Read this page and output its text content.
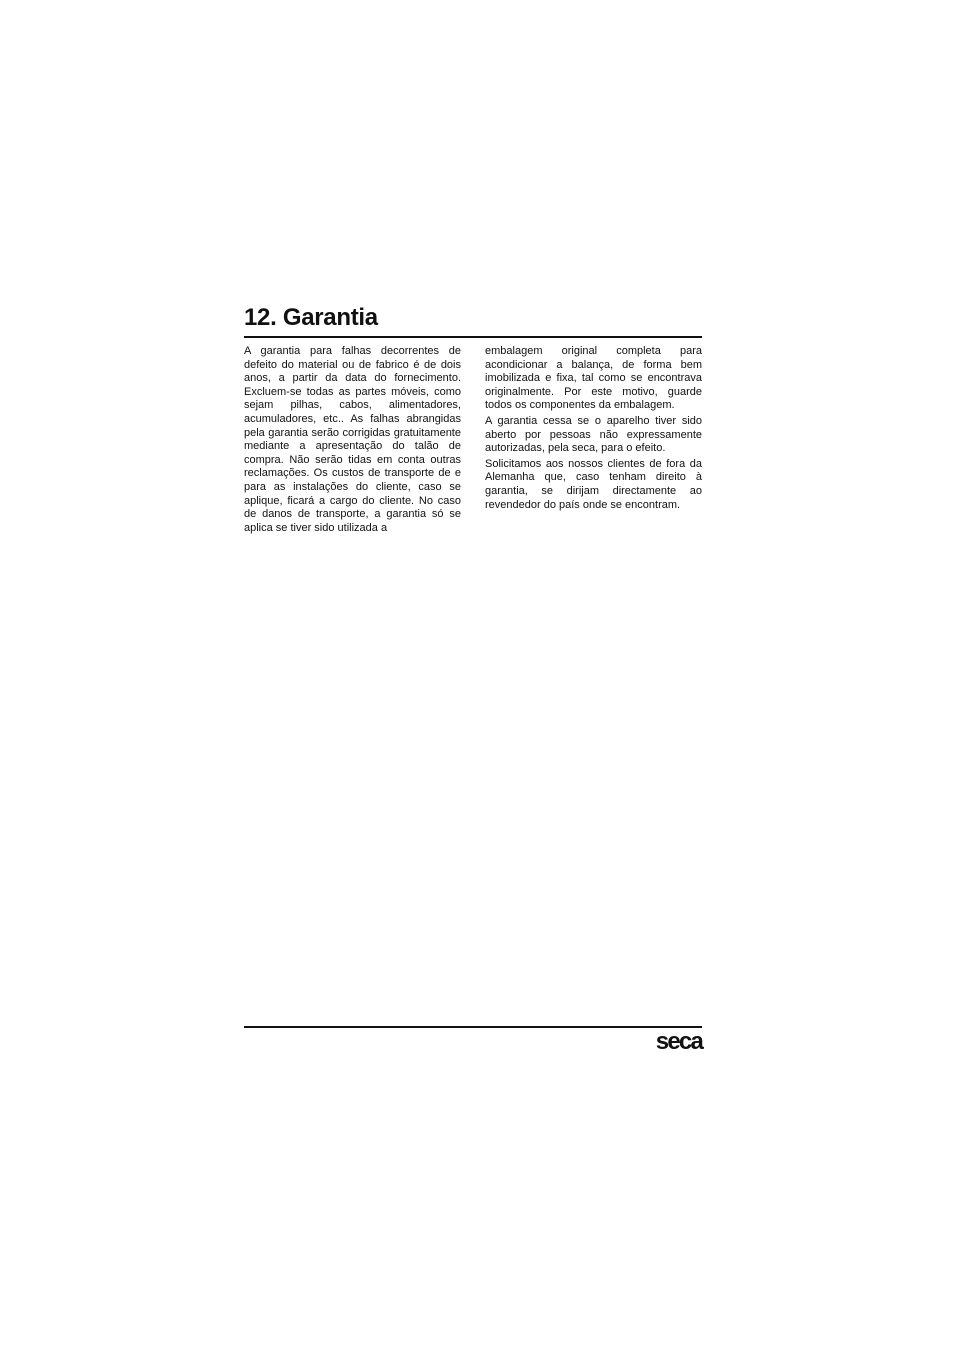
12. Garantia

A garantia para falhas decorrentes de defeito do material ou de fabrico é de dois anos, a partir da data do fornecimento. Excluem-se todas as partes móveis, como sejam pilhas, cabos, alimentadores, acumuladores, etc.. As falhas abrangidas pela garantia serão corrigidas gratuitamente mediante a apresentação do talão de compra. Não serão tidas em conta outras reclamações. Os custos de transporte de e para as instalações do cliente, caso se aplique, ficará a cargo do cliente. No caso de danos de transporte, a garantia só se aplica se tiver sido utilizada a

embalagem original completa para acondicionar a balança, de forma bem imobilizada e fixa, tal como se encontrava originalmente. Por este motivo, guarde todos os componentes da embalagem.

A garantia cessa se o aparelho tiver sido aberto por pessoas não expressamente autorizadas, pela seca, para o efeito.

Solicitamos aos nossos clientes de fora da Alemanha que, caso tenham direito à garantia, se dirijam directamente ao revendedor do país onde se encontram.

seca
